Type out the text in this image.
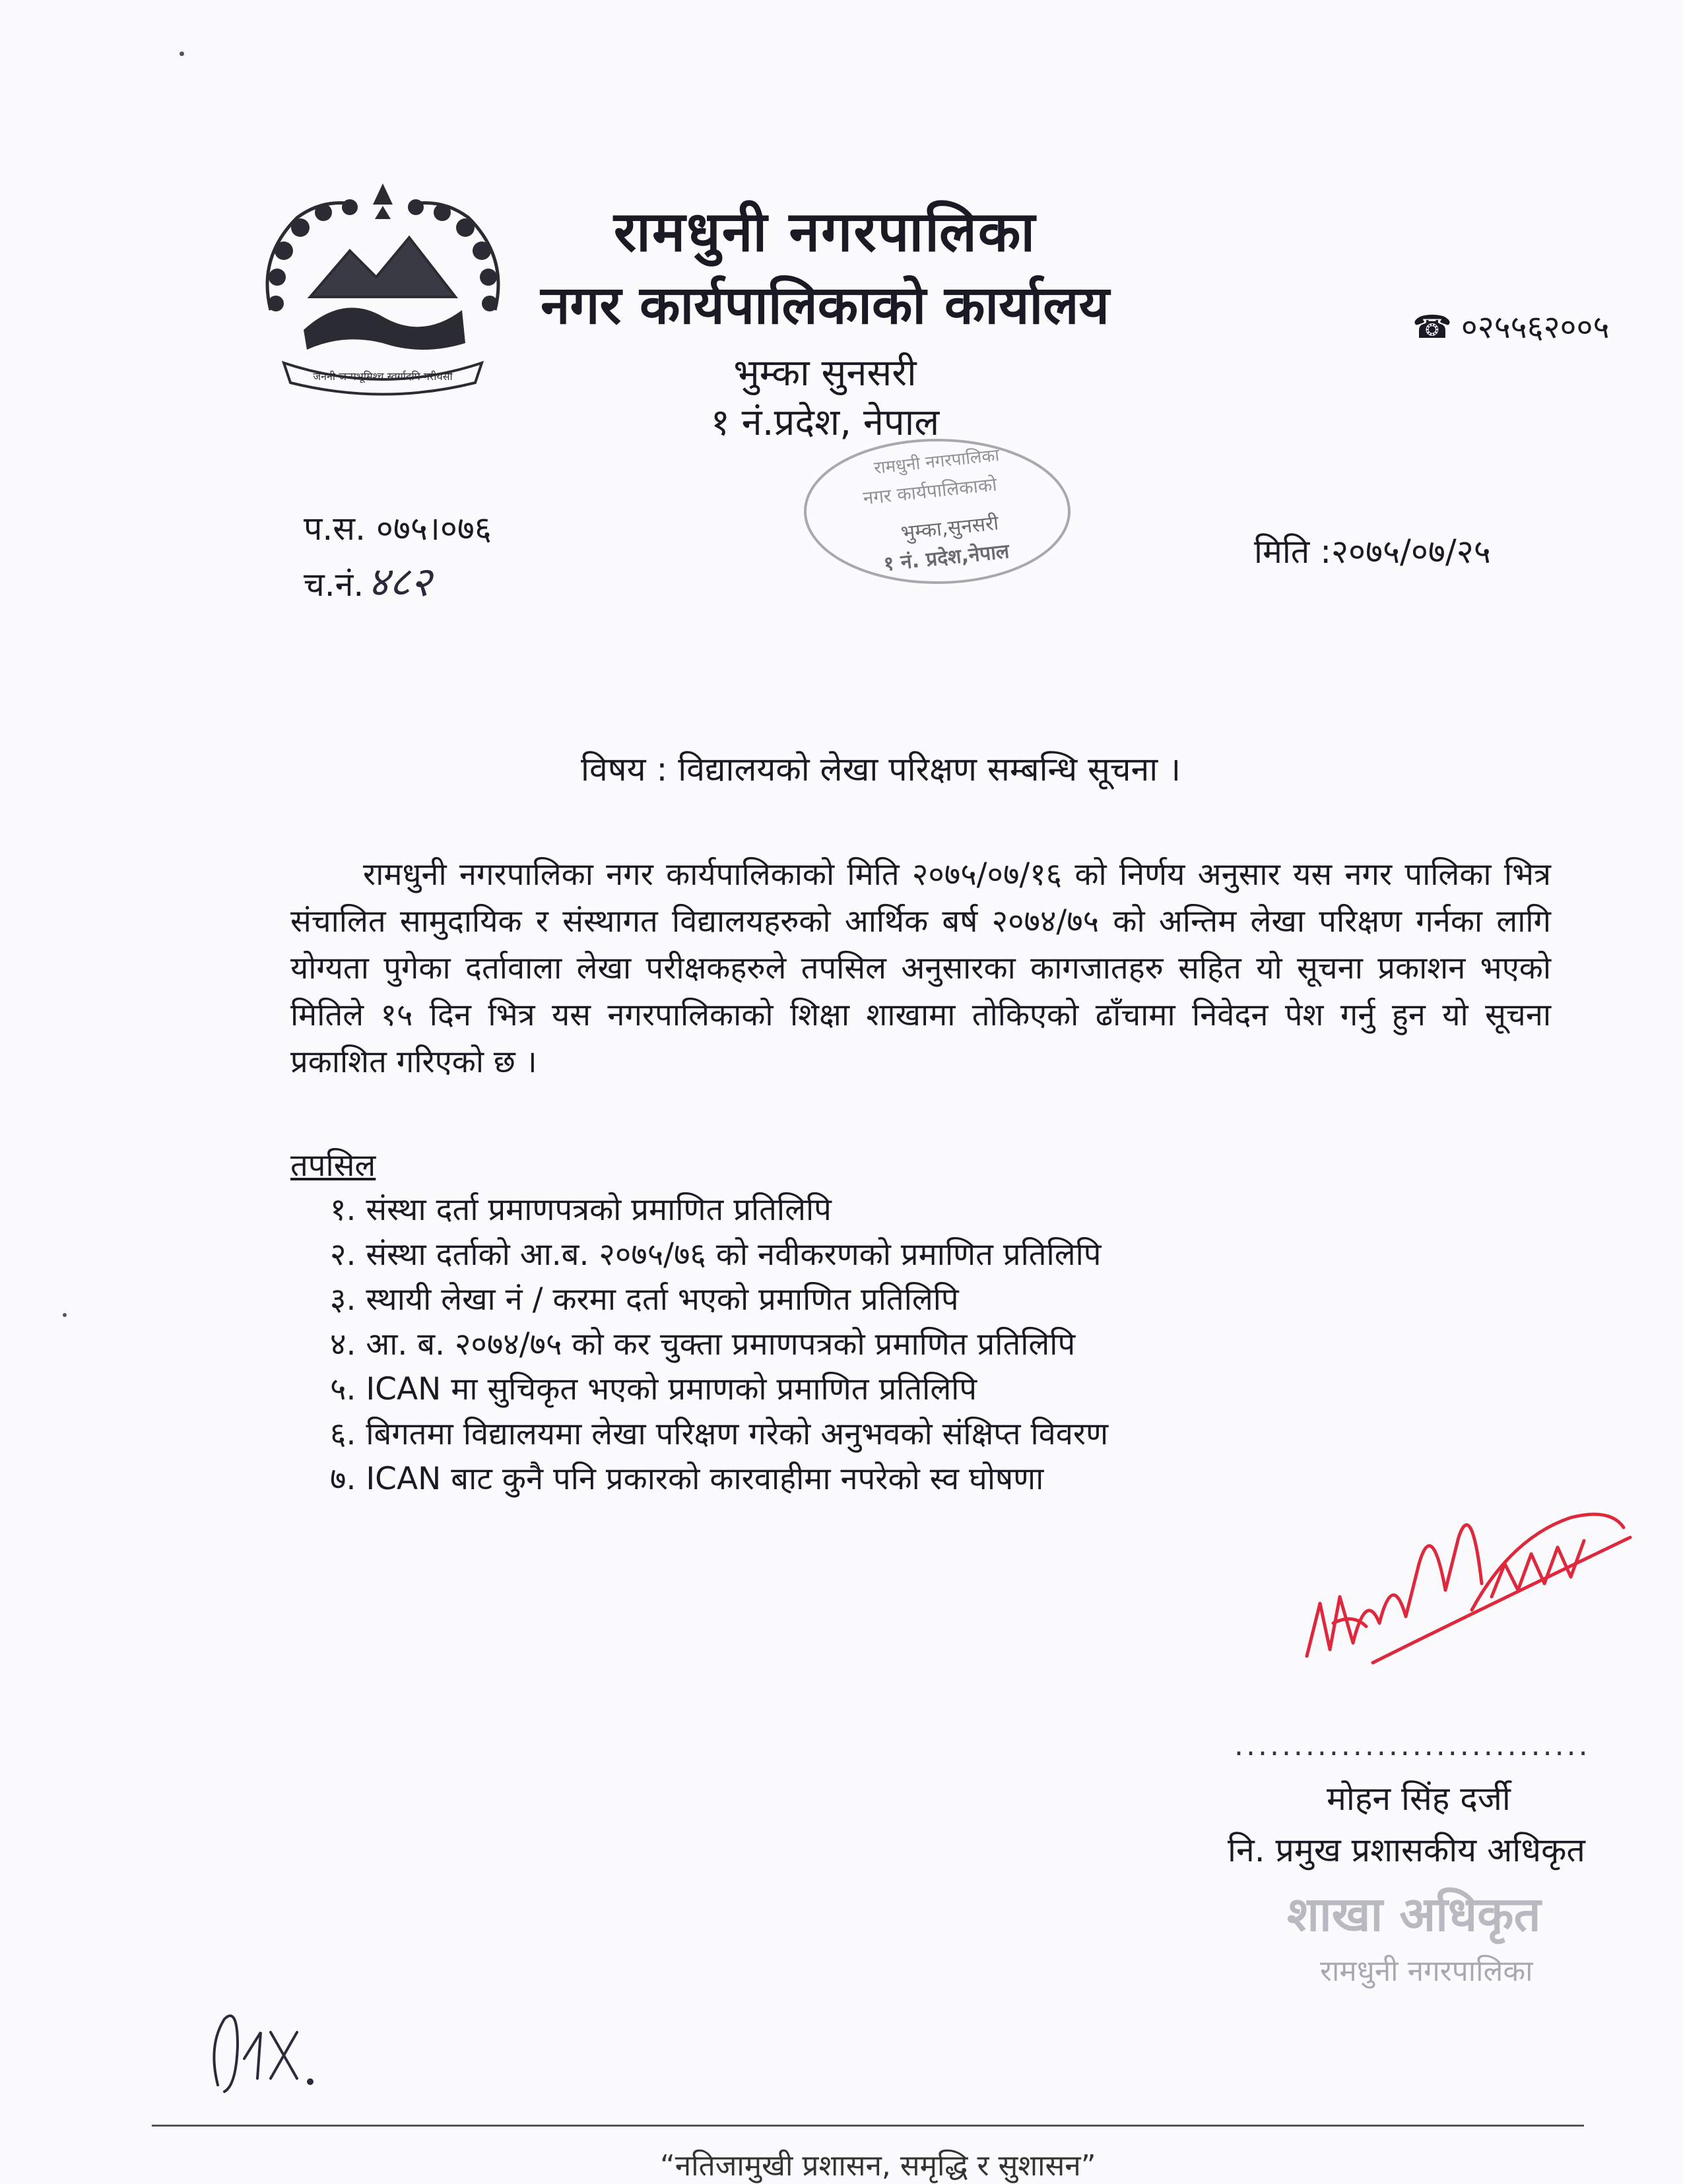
जननी जन्मभूमिश्च स्वर्गादपि गरीयसी
रामधुनी नगरपालिका
नगर कार्यपालिकाको कार्यालय
भुम्का सुनसरी
१ नं.प्रदेश, नेपाल
☎ ०२५५६२००५
रामधुनी नगरपालिका
नगर कार्यपालिकाको
भुम्का,सुनसरी
१ नं. प्रदेश,नेपाल
प.स. ०७५।०७६
च.नं.४८२
मिति :२०७५/०७/२५
विषय : विद्यालयको लेखा परिक्षण सम्बन्धि सूचना ।
रामधुनी नगरपालिका नगर कार्यपालिकाको मिति २०७५/०७/१६ को निर्णय अनुसार यस नगर पालिका भित्र संचालित सामुदायिक र संस्थागत विद्यालयहरुको आर्थिक बर्ष २०७४/७५ को अन्तिम लेखा परिक्षण गर्नका लागि योग्यता पुगेका दर्तावाला लेखा परीक्षकहरुले तपसिल अनुसारका कागजातहरु सहित यो सूचना प्रकाशन भएको मितिले १५ दिन भित्र यस नगरपालिकाको शिक्षा शाखामा तोकिएको ढाँचामा निवेदन पेश गर्नु हुन यो सूचना प्रकाशित गरिएको छ ।
तपसिल
१. संस्था दर्ता प्रमाणपत्रको प्रमाणित प्रतिलिपि
२. संस्था दर्ताको आ.ब. २०७५/७६ को नवीकरणको प्रमाणित प्रतिलिपि
३. स्थायी लेखा नं / करमा दर्ता भएको प्रमाणित प्रतिलिपि
४. आ. ब. २०७४/७५ को कर चुक्ता प्रमाणपत्रको प्रमाणित प्रतिलिपि
५. ICAN मा सुचिकृत भएको प्रमाणको प्रमाणित प्रतिलिपि
६. बिगतमा विद्यालयमा लेखा परिक्षण गरेको अनुभवको संक्षिप्त विवरण
७. ICAN बाट कुनै पनि प्रकारको कारवाहीमा नपरेको स्व घोषणा
..............................
मोहन सिंह दर्जी
नि. प्रमुख प्रशासकीय अधिकृत
शाखा अधिकृत
रामधुनी नगरपालिका
“नतिजामुखी प्रशासन, समृद्धि र सुशासन”
